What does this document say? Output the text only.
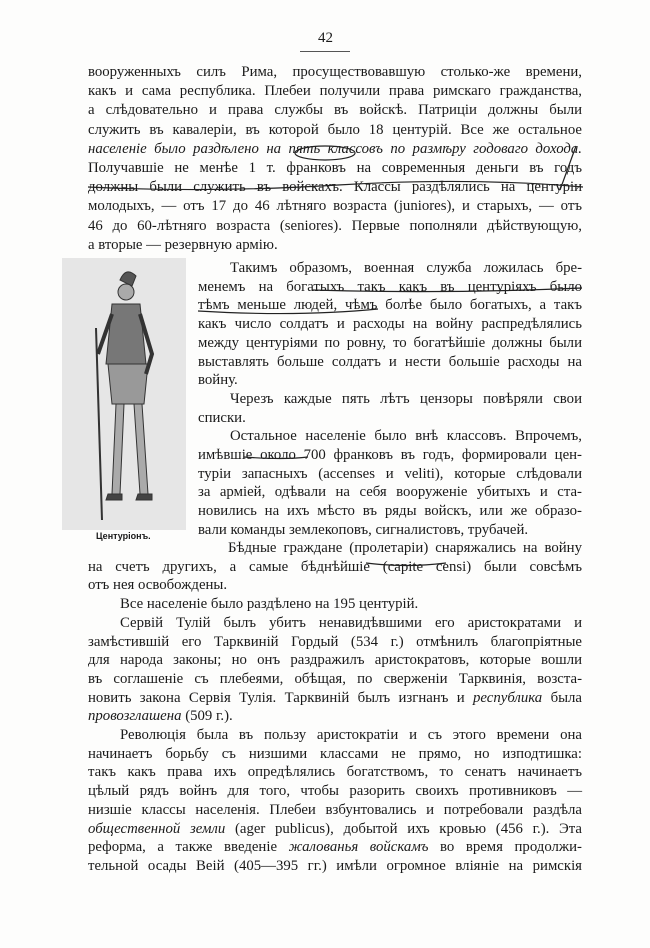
42
вооруженныхъ силъ Рима, просуществовавшую столько-же времени,
какъ и сама республика. Плебеи получили права римскаго гражданства,
а слѣдовательно и права службы въ войскѣ. Патриціи должны были
служить въ кавалеріи, въ которой было 18 центурій. Все же остальное
населеніе было раздѣлено на пять классовъ по размѣру годоваго дохода.
Получавшіе не менѣе 1 т. франковъ на современныя деньги въ годъ
должны были служить въ войскахъ. Классы раздѣлялись на центуріи
молодыхъ, — отъ 17 до 46 лѣтняго возраста (juniores), и старыхъ, — отъ
46 до 60-лѣтняго возраста (seniores). Первые пополняли дѣйствующую,
а вторые — резервную армію.
Такимъ образомъ, военная служба ложилась бре-
менемъ на богатыхъ такъ какъ въ центуріяхъ было
тѣмъ меньше людей, чѣмъ болѣе было богатыхъ, а такъ
какъ число солдатъ и расходы на войну распредѣлялись
между центуріями по ровну, то богатѣйшіе должны были
выставлять больше солдатъ и нести большіе расходы на
войну.
Черезъ каждые пять лѣтъ цензоры повѣряли свои
списки.
Остальное населеніе было внѣ классовъ. Впрочемъ,
имѣвшіе около 700 франковъ въ годъ, формировали цен-
туріи запасныхъ (accenses и veliti), которые слѣдовали
за арміей, одѣвали на себя вооруженіе убитыхъ и ста-
новились на ихъ мѣсто въ ряды войскъ, или же образо-
вали команды землекоповъ, сигналистовъ, трубачей.
Бѣдные граждане (пролетаріи) снаряжались на войну
на счетъ другихъ, а самые бѣднѣйшіе (capite censi) были совсѣмъ
отъ нея освобождены.
Все населеніе было раздѣлено на 195 центурій.
Сервій Тулій былъ убитъ ненавидѣвшими его аристократами и
замѣстившій его Тарквиній Гордый (534 г.) отмѣнилъ благопріятные
для народа законы; но онъ раздражилъ аристократовъ, которые вошли
въ соглашеніе съ плебеями, обѣщая, по сверженіи Тарквинія, возста-
новить закона Сервія Тулія. Тарквиній былъ изгнанъ и республика была
провозглашена (509 г.).
Революція была въ пользу аристократіи и съ этого времени она
начинаетъ борьбу съ низшими классами не прямо, но изподтишка:
такъ какъ права ихъ опредѣлялись богатствомъ, то сенатъ начинаетъ
цѣлый рядъ войнъ для того, чтобы разорить своихъ противниковъ —
низшіе классы населенія. Плебеи взбунтовались и потребовали раздѣла
общественной земли (ager publicus), добытой ихъ кровью (456 г.). Эта
реформа, а также введеніе жалованья войскамъ во время продолжи-
тельной осады Веій (405—395 гг.) имѣли огромное вліяніе на римскія
Центуріонъ.
